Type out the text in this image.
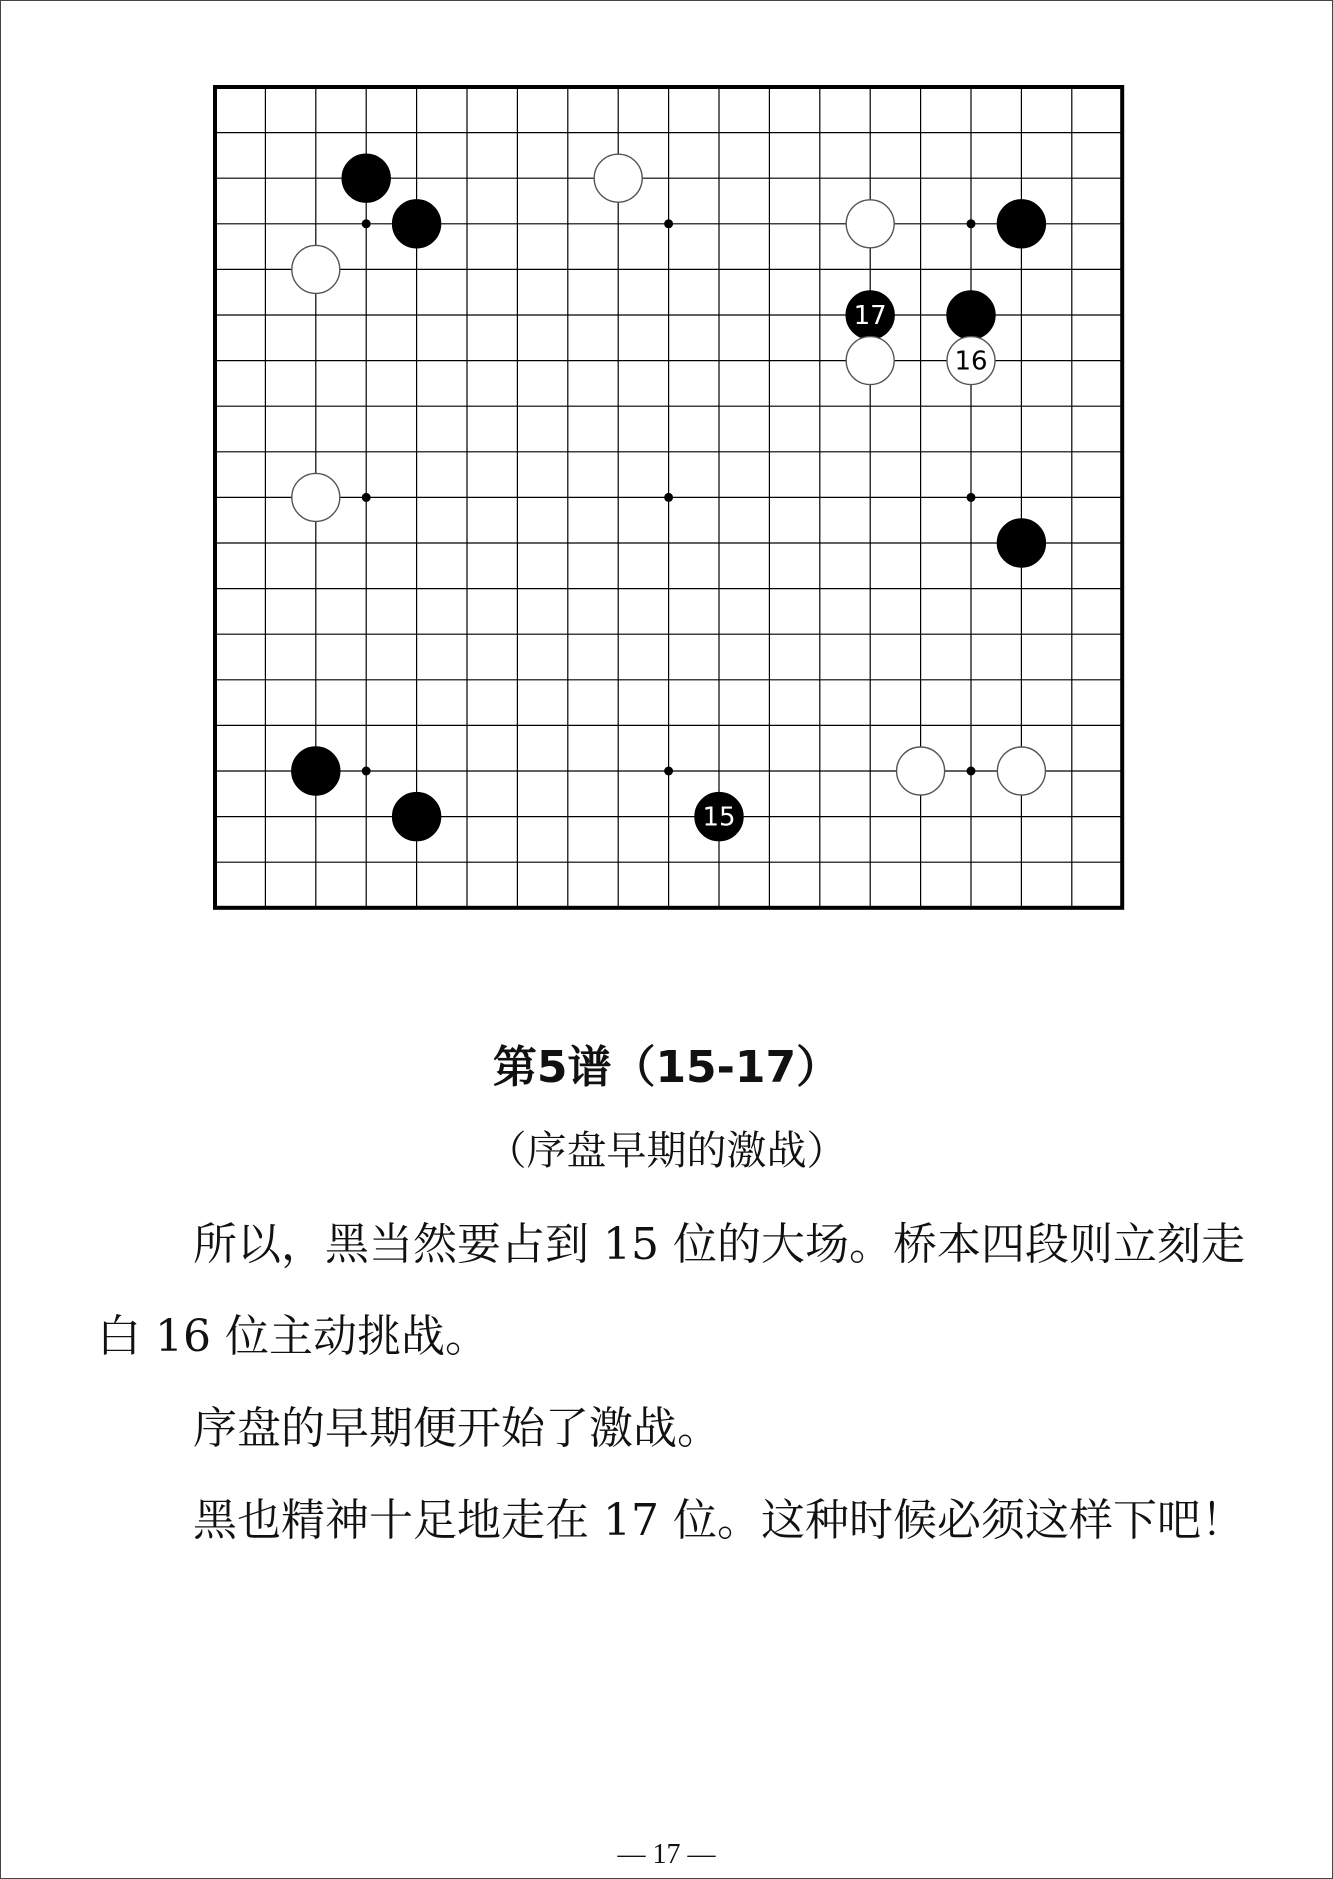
17
16
15
第5谱（15-17）
（序盘早期的激战）

所以，黑当然要占到 15 位的大场。桥本四段则立刻走白 16 位主动挑战。

序盘的早期便开始了激战。

黑也精神十足地走在 17 位。这种时候必须这样下吧！

— 17 —
